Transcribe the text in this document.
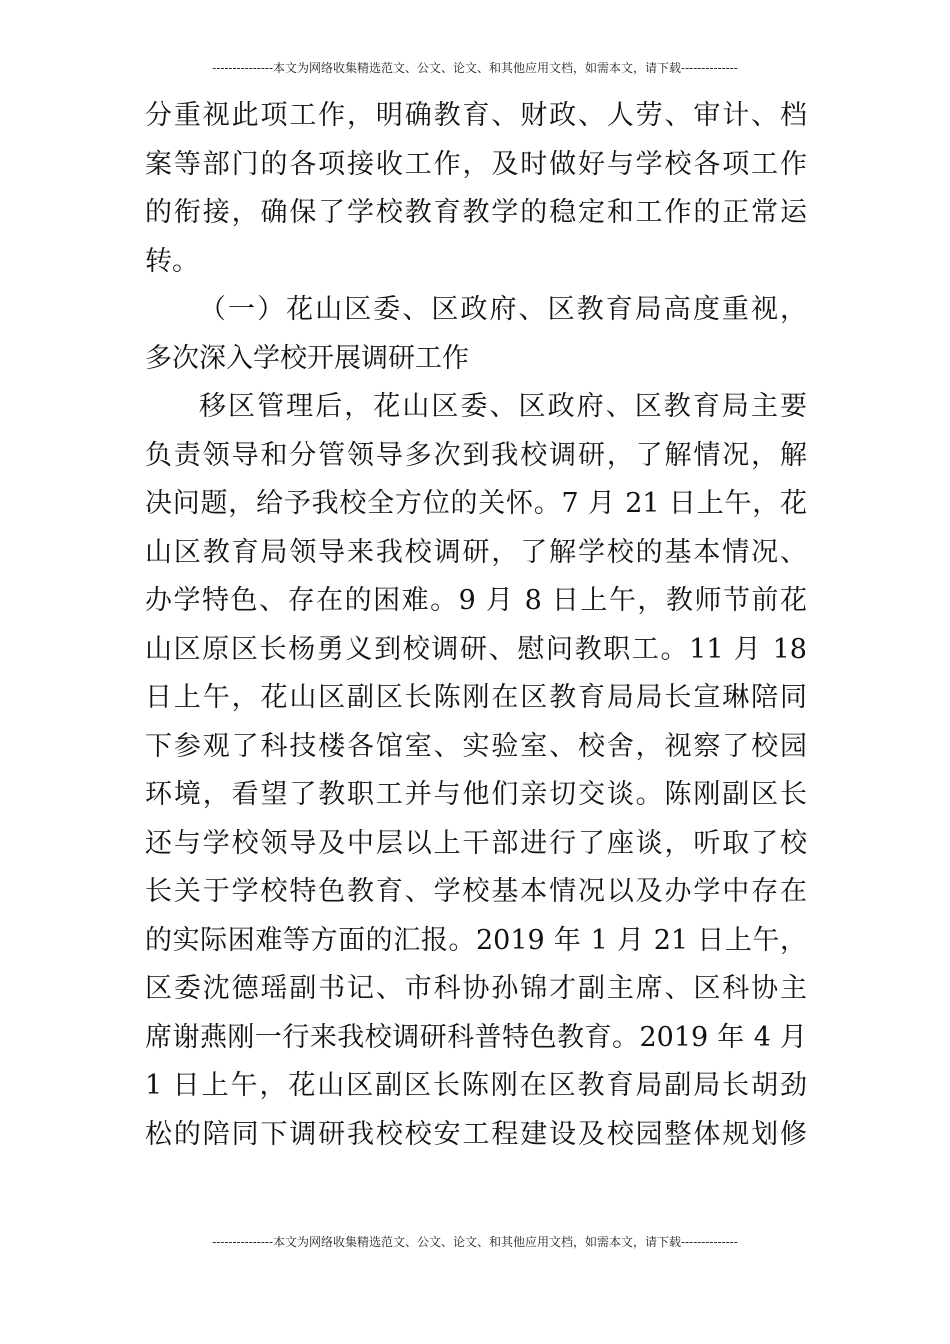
---------------本文为网络收集精选范文、公文、论文、和其他应用文档，如需本文，请下载--------------
分重视此项工作，明确教育、财政、人劳、审计、档
案等部门的各项接收工作，及时做好与学校各项工作
的衔接，确保了学校教育教学的稳定和工作的正常运
转。
（一）花山区委、区政府、区教育局高度重视，
多次深入学校开展调研工作
移区管理后，花山区委、区政府、区教育局主要
负责领导和分管领导多次到我校调研，了解情况，解
决问题，给予我校全方位的关怀。7 月 21 日上午，花
山区教育局领导来我校调研，了解学校的基本情况、
办学特色、存在的困难。9 月 8 日上午，教师节前花
山区原区长杨勇义到校调研、慰问教职工。11 月 18
日上午，花山区副区长陈刚在区教育局局长宣琳陪同
下参观了科技楼各馆室、实验室、校舍，视察了校园
环境，看望了教职工并与他们亲切交谈。陈刚副区长
还与学校领导及中层以上干部进行了座谈，听取了校
长关于学校特色教育、学校基本情况以及办学中存在
的实际困难等方面的汇报。2019 年 1 月 21 日上午，
区委沈德瑶副书记、市科协孙锦才副主席、区科协主
席谢燕刚一行来我校调研科普特色教育。2019 年 4 月
1 日上午，花山区副区长陈刚在区教育局副局长胡劲
松的陪同下调研我校校安工程建设及校园整体规划修
---------------本文为网络收集精选范文、公文、论文、和其他应用文档，如需本文，请下载--------------
